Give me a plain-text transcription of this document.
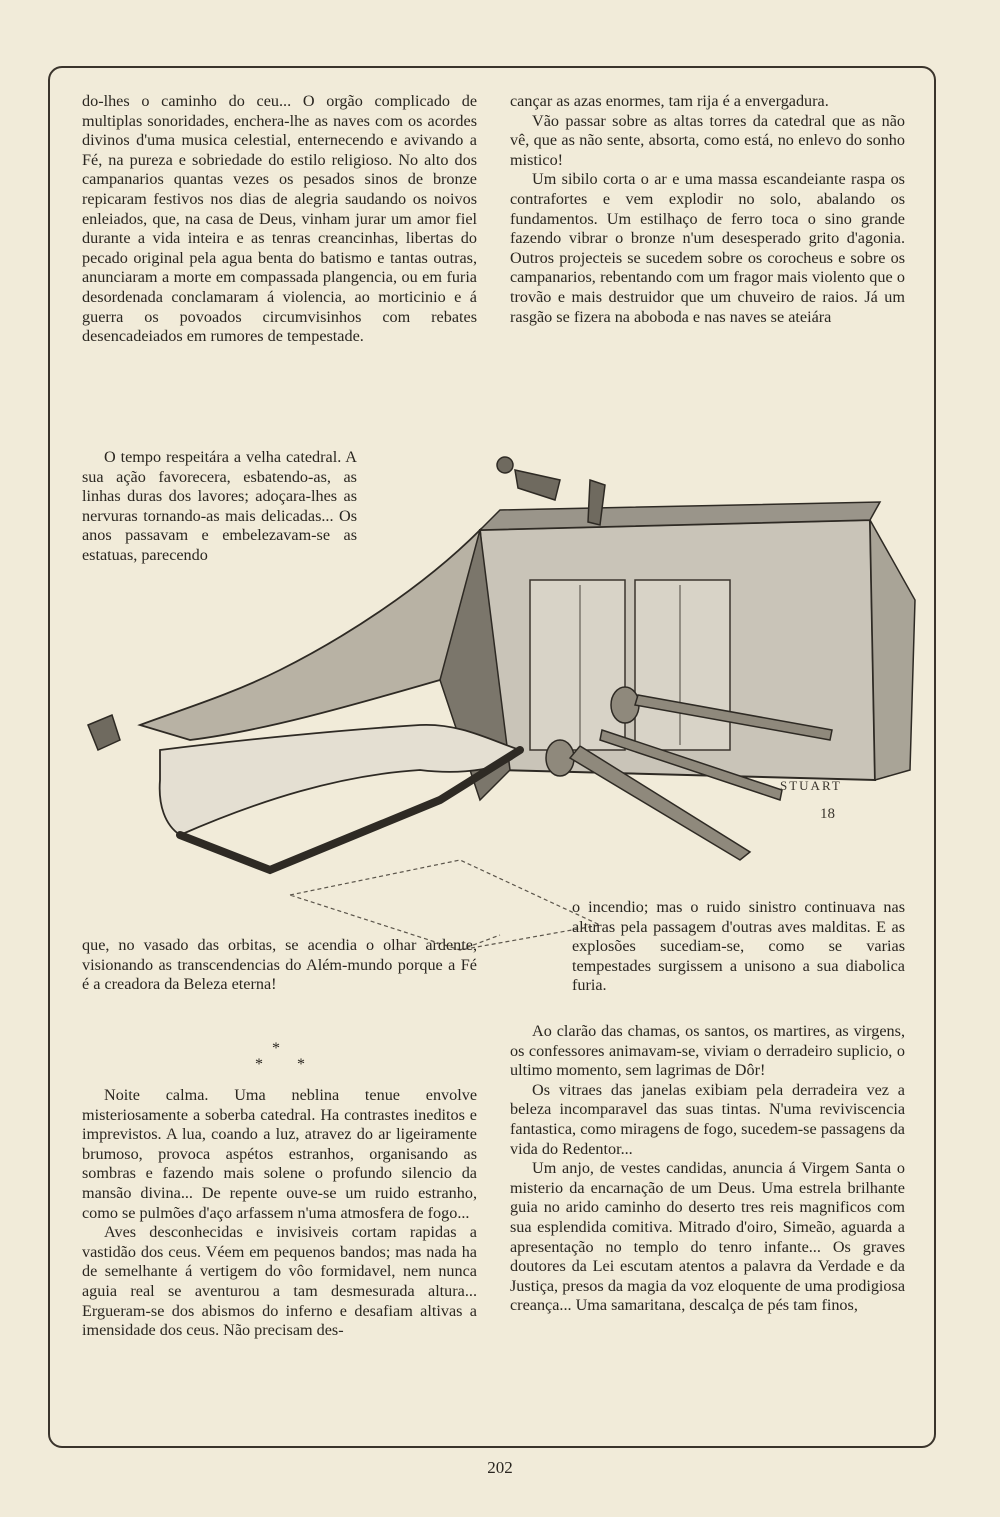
do-lhes o caminho do ceu... O orgão complicado de multiplas sonoridades, enchera-lhe as naves com os acordes divinos d'uma musica celestial, enternecendo e avivando a Fé, na pureza e sobriedade do estilo religioso. No alto dos campanarios quantas vezes os pesados sinos de bronze repicaram festivos nos dias de alegria saudando os noivos enleiados, que, na casa de Deus, vinham jurar um amor fiel durante a vida inteira e as tenras creancinhas, libertas do pecado original pela agua benta do batismo e tantas outras, anunciaram a morte em compassada plangencia, ou em furia desordenada conclamaram á violencia, ao morticinio e á guerra os povoados circumvisinhos com rebates desencadeiados em rumores de tempestade.

O tempo respeitára a velha catedral. A sua ação favorecera, esbatendo-as, as linhas duras dos lavores; adoçara-lhes as nervuras tornando-as mais delicadas... Os anos passavam e embelezavam-se as estatuas, parecendo

cançar as azas enormes, tam rija é a envergadura.

Vão passar sobre as altas torres da catedral que as não vê, que as não sente, absorta, como está, no enlevo do sonho mistico!

Um sibilo corta o ar e uma massa escandeiante raspa os contrafortes e vem explodir no solo, abalando os fundamentos. Um estilhaço de ferro toca o sino grande fazendo vibrar o bronze n'um desesperado grito d'agonia. Outros projecteis se sucedem sobre os corocheus e sobre os campanarios, rebentando com um fragor mais violento que o trovão e mais destruidor que um chuveiro de raios. Já um rasgão se fizera na aboboda e nas naves se ateiára

STUART
18

que, no vasado das orbitas, se acendia o olhar ardente, visionando as transcendencias do Além-mundo porque a Fé é a creadora da Beleza eterna!

*
* *

Noite calma. Uma neblina tenue envolve misteriosamente a soberba catedral. Ha contrastes ineditos e imprevistos. A lua, coando a luz, atravez do ar ligeiramente brumoso, provoca aspétos estranhos, organisando as sombras e fazendo mais solene o profundo silencio da mansão divina... De repente ouve-se um ruido estranho, como se pulmões d'aço arfassem n'uma atmosfera de fogo...

Aves desconhecidas e invisiveis cortam rapidas a vastidão dos ceus. Véem em pequenos bandos; mas nada ha de semelhante á vertigem do vôo formidavel, nem nunca aguia real se aventurou a tam desmesurada altura... Ergueram-se dos abismos do inferno e desafiam altivas a imensidade dos ceus. Não precisam des-

o incendio; mas o ruido sinistro continuava nas alturas pela passagem d'outras aves malditas. E as explosões sucediam-se, como se varias tempestades surgissem a unisono a sua diabolica furia.

Ao clarão das chamas, os santos, os martires, as virgens, os confessores animavam-se, viviam o derradeiro suplicio, o ultimo momento, sem lagrimas de Dôr!

Os vitraes das janelas exibiam pela derradeira vez a beleza incomparavel das suas tintas. N'uma reviviscencia fantastica, como miragens de fogo, sucedem-se passagens da vida do Redentor...

Um anjo, de vestes candidas, anuncia á Virgem Santa o misterio da encarnação de um Deus. Uma estrela brilhante guia no arido caminho do deserto tres reis magnificos com sua esplendida comitiva. Mitrado d'oiro, Simeão, aguarda a apresentação no templo do tenro infante... Os graves doutores da Lei escutam atentos a palavra da Verdade e da Justiça, presos da magia da voz eloquente de uma prodigiosa creança... Uma samaritana, descalça de pés tam finos,

202
